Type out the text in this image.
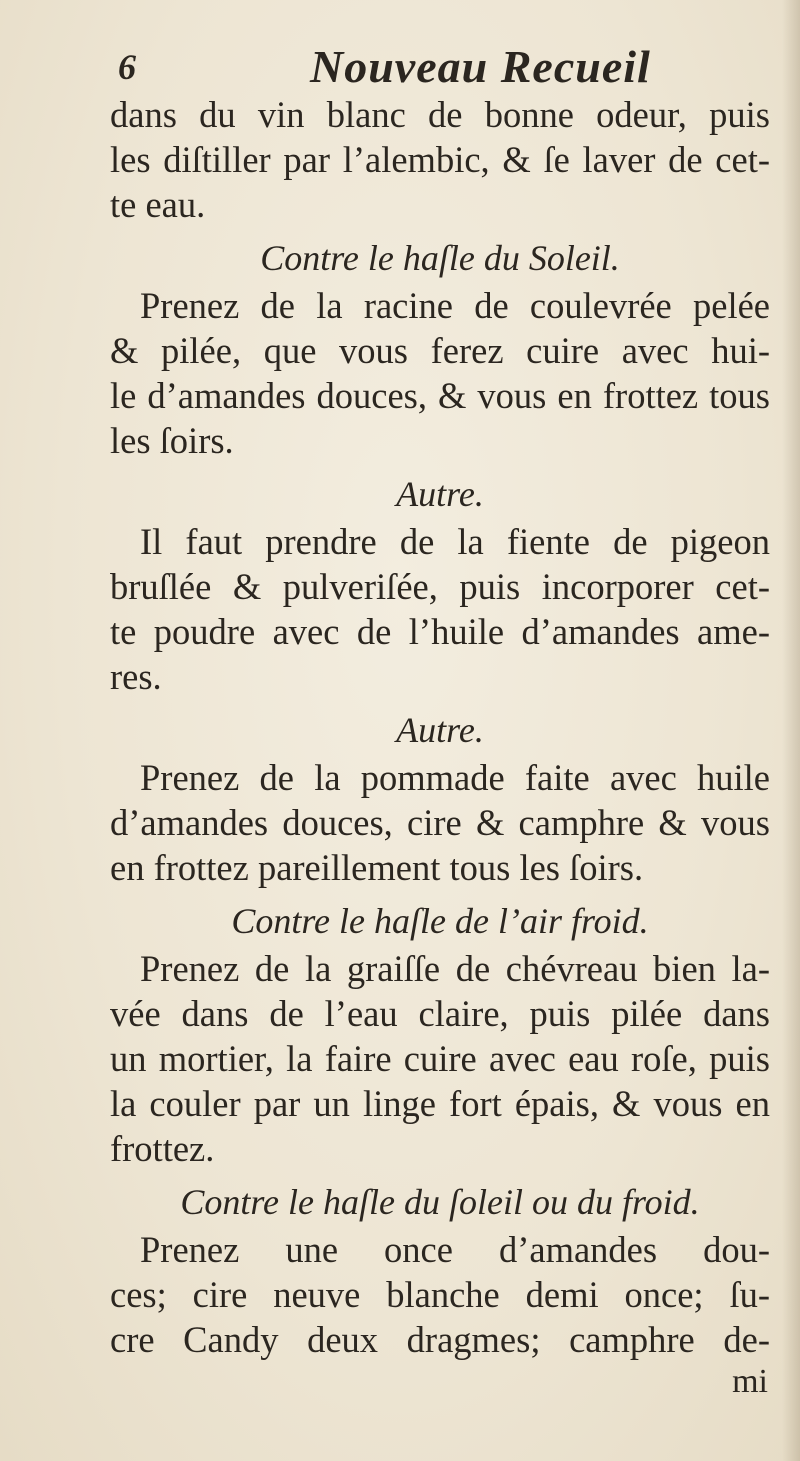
6	Nouveau Recueil
dans du vin blanc de bonne odeur, puis
les diſtiller par l’alembic, & ſe laver de cet-
te eau.
Contre le haſle du Soleil.
Prenez de la racine de coulevrée pelée
& pilée, que vous ferez cuire avec hui-
le d’amandes douces, & vous en frottez tous
les ſoirs.
Autre.
Il faut prendre de la fiente de pigeon
bruſlée & pulveriſée, puis incorporer cet-
te poudre avec de l’huile d’amandes ame-
res.
Autre.
Prenez de la pommade faite avec huile
d’amandes douces, cire & camphre & vous
en frottez pareillement tous les ſoirs.
Contre le haſle de l’air froid.
Prenez de la graiſſe de chévreau bien la-
vée dans de l’eau claire, puis pilée dans
un mortier, la faire cuire avec eau roſe, puis
la couler par un linge fort épais, & vous en
frottez.
Contre le haſle du ſoleil ou du froid.
Prenez une once d’amandes dou-
ces; cire neuve blanche demi once; ſu-
cre Candy deux dragmes; camphre de-
mi
